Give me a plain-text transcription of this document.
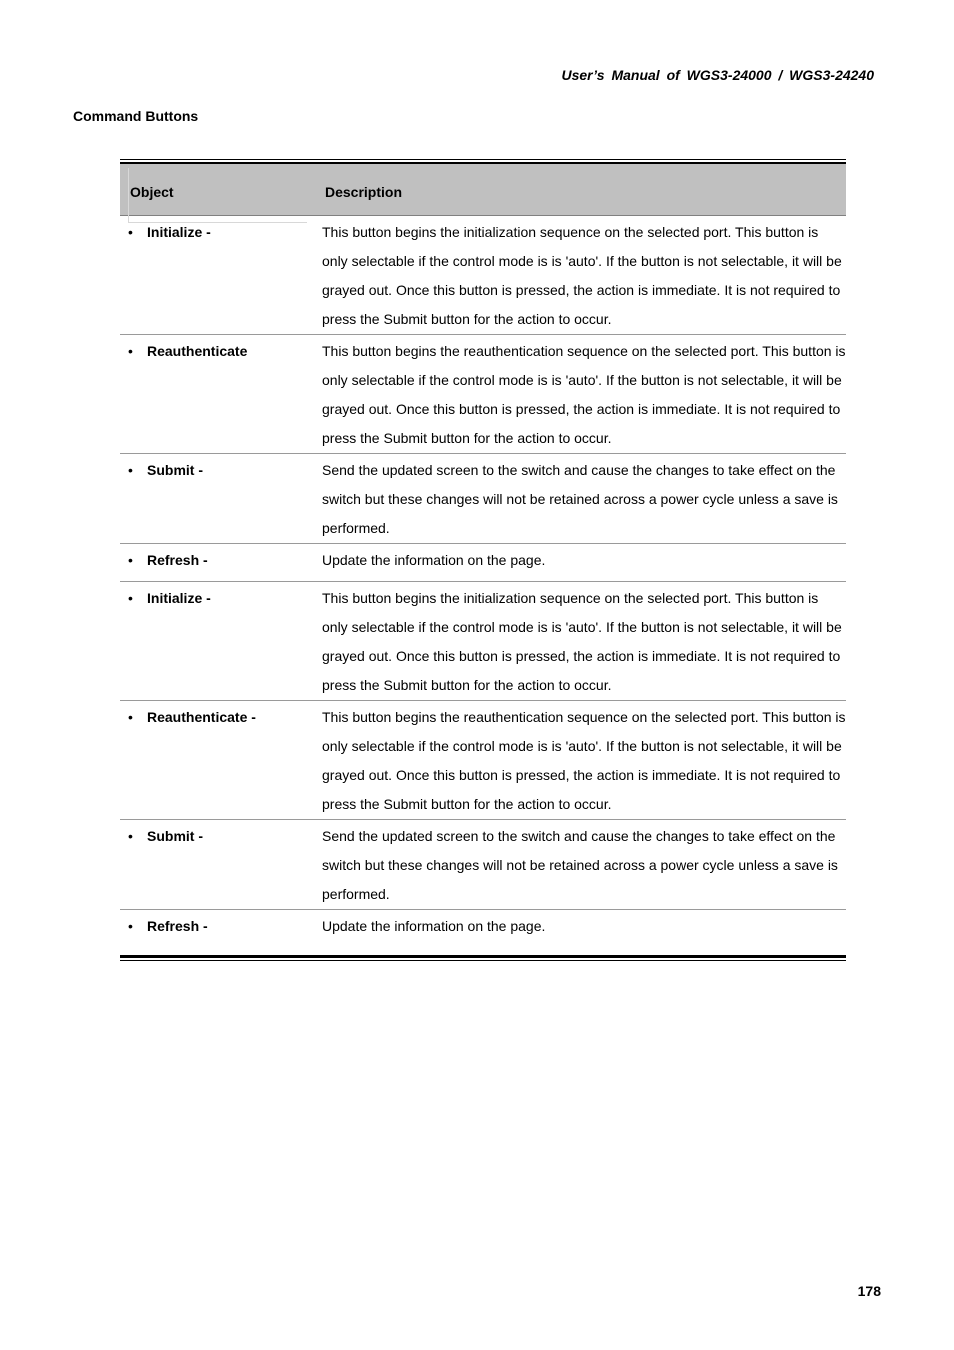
User’s Manual of WGS3-24000 / WGS3-24240
Command Buttons
Object	Description
•	Initialize -	This button begins the initialization sequence on the selected port. This button is only selectable if the control mode is is 'auto'. If the button is not selectable, it will be grayed out. Once this button is pressed, the action is immediate. It is not required to press the Submit button for the action to occur.
•	Reauthenticate	This button begins the reauthentication sequence on the selected port. This button is only selectable if the control mode is is 'auto'. If the button is not selectable, it will be grayed out. Once this button is pressed, the action is immediate. It is not required to press the Submit button for the action to occur.
•	Submit -	Send the updated screen to the switch and cause the changes to take effect on the switch but these changes will not be retained across a power cycle unless a save is performed.
•	Refresh -	Update the information on the page.
•	Initialize -	This button begins the initialization sequence on the selected port. This button is only selectable if the control mode is is 'auto'. If the button is not selectable, it will be grayed out. Once this button is pressed, the action is immediate. It is not required to press the Submit button for the action to occur.
•	Reauthenticate -	This button begins the reauthentication sequence on the selected port. This button is only selectable if the control mode is is 'auto'. If the button is not selectable, it will be grayed out. Once this button is pressed, the action is immediate. It is not required to press the Submit button for the action to occur.
•	Submit -	Send the updated screen to the switch and cause the changes to take effect on the switch but these changes will not be retained across a power cycle unless a save is performed.
•	Refresh -	Update the information on the page.
178
